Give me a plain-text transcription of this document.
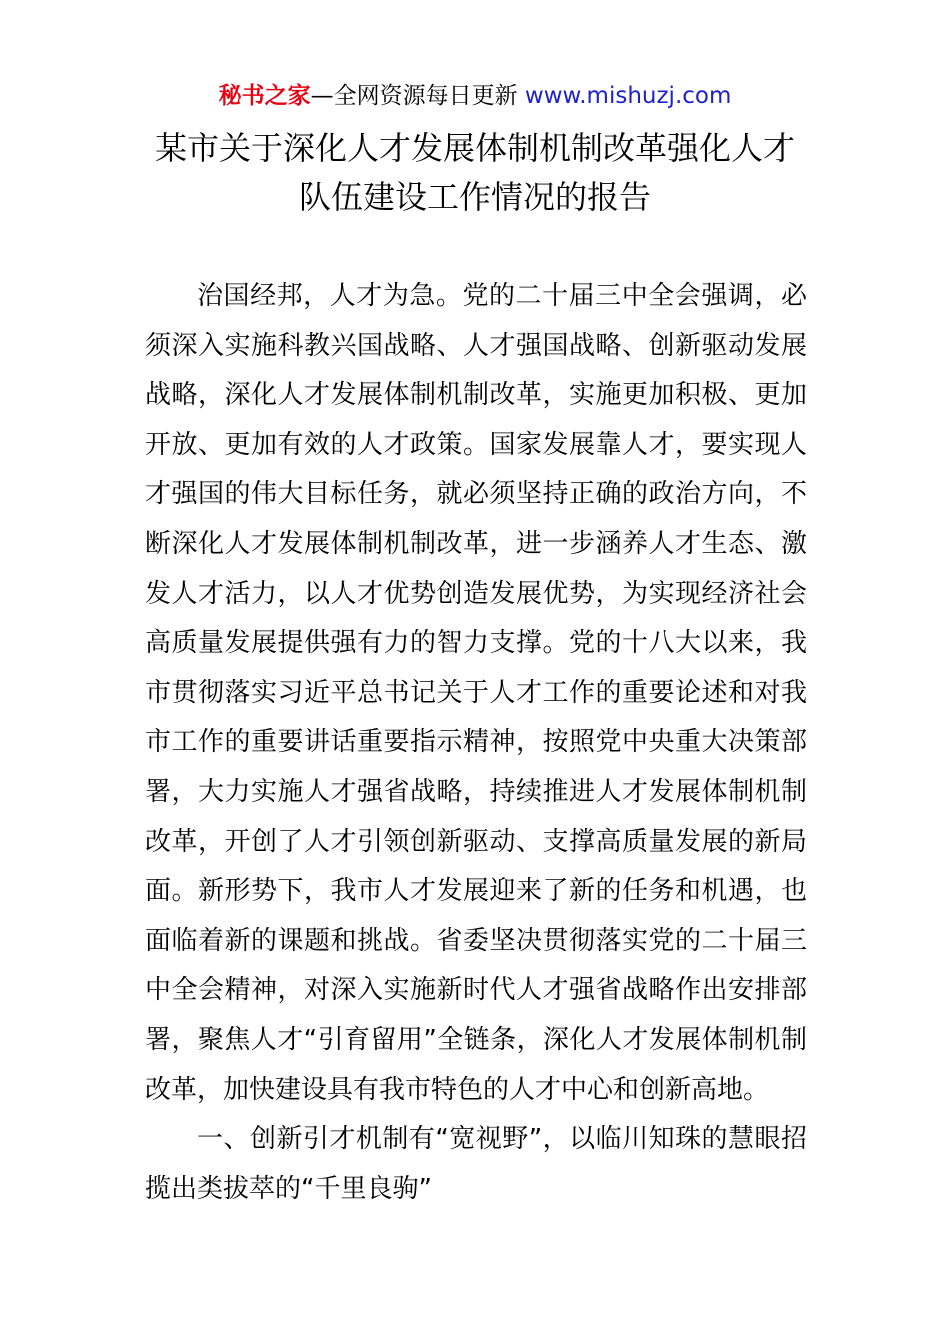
秘书之家—全网资源每日更新 www.mishuzj.com
某市关于深化人才发展体制机制改革强化人才
队伍建设工作情况的报告

治国经邦，人才为急。党的二十届三中全会强调，必须深入实施科教兴国战略、人才强国战略、创新驱动发展战略，深化人才发展体制机制改革，实施更加积极、更加开放、更加有效的人才政策。国家发展靠人才，要实现人才强国的伟大目标任务，就必须坚持正确的政治方向，不断深化人才发展体制机制改革，进一步涵养人才生态、激发人才活力，以人才优势创造发展优势，为实现经济社会高质量发展提供强有力的智力支撑。党的十八大以来，我市贯彻落实习近平总书记关于人才工作的重要论述和对我市工作的重要讲话重要指示精神，按照党中央重大决策部署，大力实施人才强省战略，持续推进人才发展体制机制改革，开创了人才引领创新驱动、支撑高质量发展的新局面。新形势下，我市人才发展迎来了新的任务和机遇，也面临着新的课题和挑战。省委坚决贯彻落实党的二十届三中全会精神，对深入实施新时代人才强省战略作出安排部署，聚焦人才“引育留用”全链条，深化人才发展体制机制改革，加快建设具有我市特色的人才中心和创新高地。

一、创新引才机制有“宽视野”，以临川知珠的慧眼招揽出类拔萃的“千里良驹”
